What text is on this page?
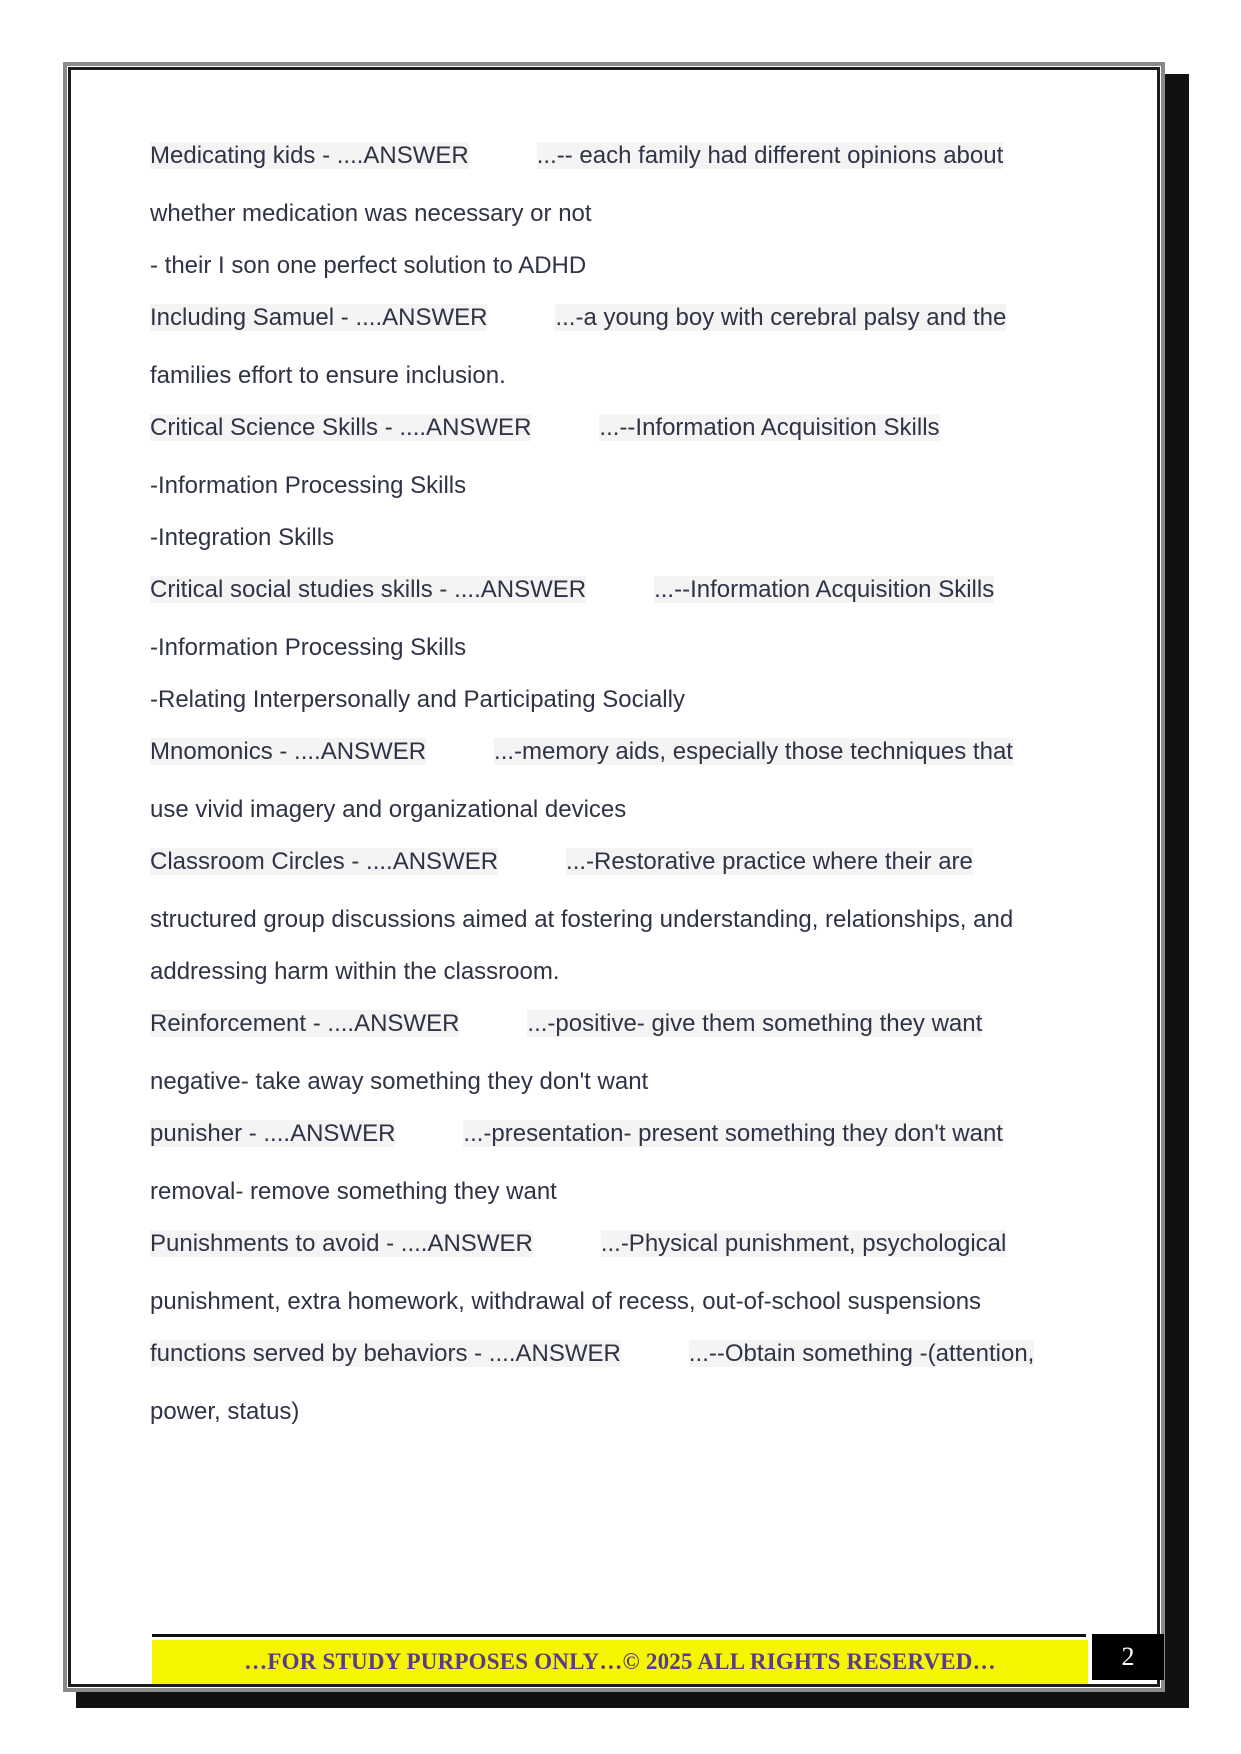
Medicating kids - ....ANSWER	...-- each family had different opinions about

whether medication was necessary or not

- their I son one perfect solution to ADHD

Including Samuel - ....ANSWER	...-a young boy with cerebral palsy and the

families effort to ensure inclusion.

Critical Science Skills - ....ANSWER	...--Information Acquisition Skills

-Information Processing Skills

-Integration Skills

Critical social studies skills - ....ANSWER	...--Information Acquisition Skills

-Information Processing Skills

-Relating Interpersonally and Participating Socially

Mnomonics - ....ANSWER	...-memory aids, especially those techniques that

use vivid imagery and organizational devices

Classroom Circles - ....ANSWER	...-Restorative practice where their are

structured group discussions aimed at fostering understanding, relationships, and

addressing harm within the classroom.

Reinforcement - ....ANSWER	...-positive- give them something they want

negative- take away something they don't want

punisher - ....ANSWER	...-presentation- present something they don't want

removal- remove something they want

Punishments to avoid - ....ANSWER	...-Physical punishment, psychological

punishment, extra homework, withdrawal of recess, out-of-school suspensions

functions served by behaviors - ....ANSWER	...--Obtain something -(attention,

power, status)

…FOR STUDY PURPOSES ONLY…© 2025 ALL RIGHTS RESERVED…	2
